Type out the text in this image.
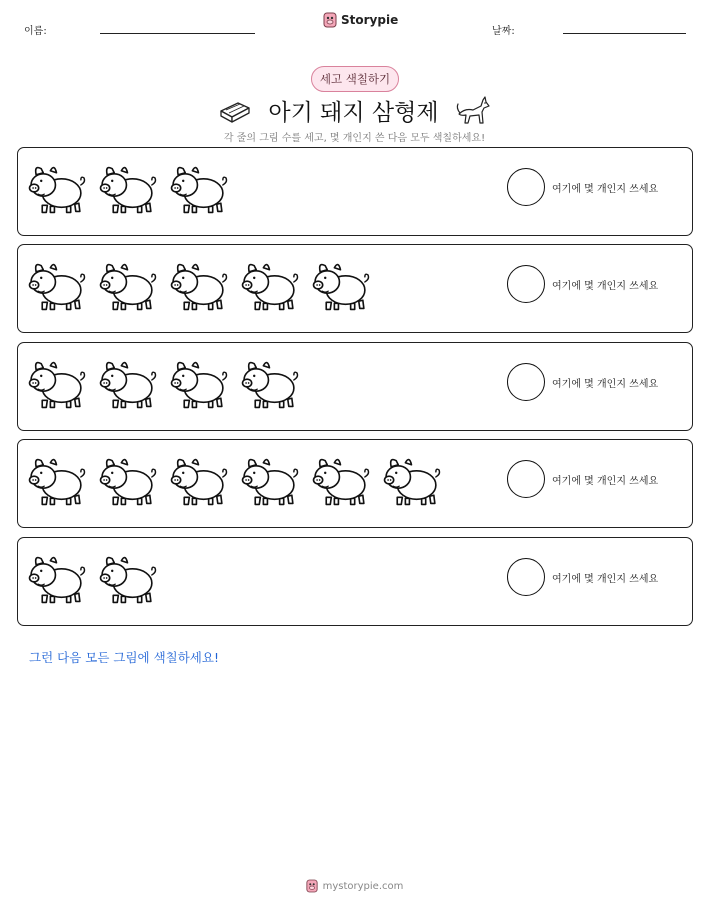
이름:
Storypie
날짜:
세고 색칠하기
아기 돼지 삼형제
각 줄의 그림 수를 세고, 몇 개인지 쓴 다음 모두 색칠하세요!
여기에 몇 개인지 쓰세요
여기에 몇 개인지 쓰세요
여기에 몇 개인지 쓰세요
여기에 몇 개인지 쓰세요
여기에 몇 개인지 쓰세요
그런 다음 모든 그림에 색칠하세요!
mystorypie.com
